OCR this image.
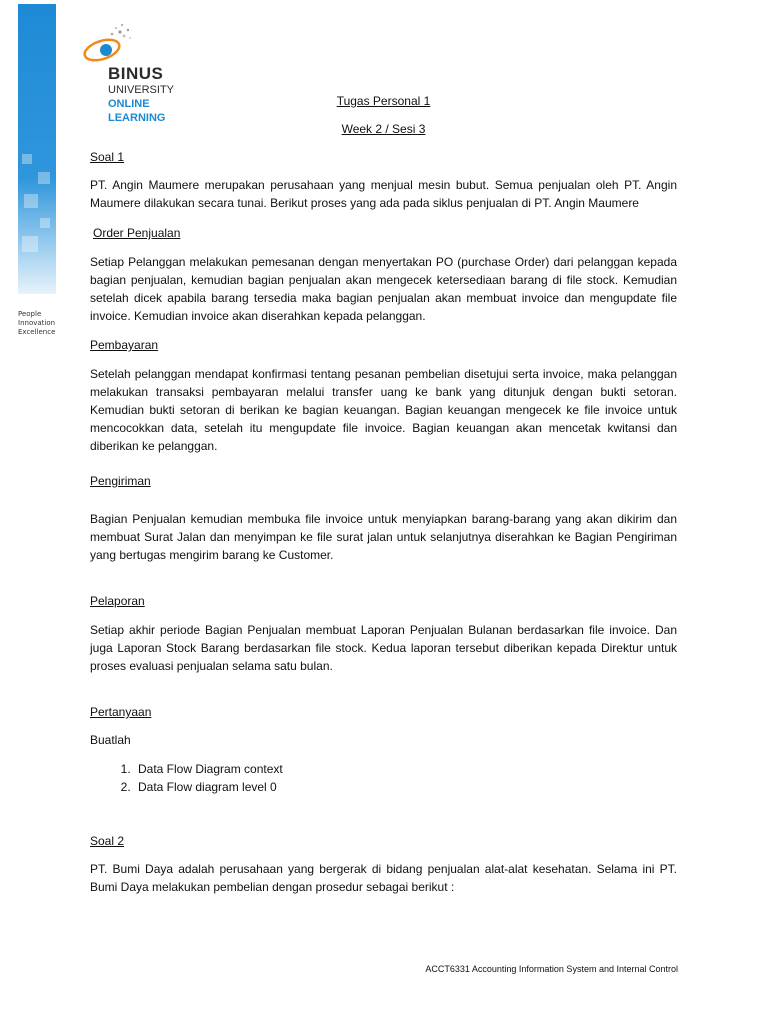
People
Innovation
Excellence
BINUS
UNIVERSITY
ONLINE
LEARNING

Tugas Personal 1

Week 2 / Sesi 3

Soal 1

PT. Angin Maumere merupakan perusahaan yang menjual mesin bubut. Semua penjualan oleh PT. Angin Maumere dilakukan secara tunai. Berikut proses yang ada pada siklus penjualan di PT. Angin Maumere

Order Penjualan

Setiap Pelanggan melakukan pemesanan dengan menyertakan PO (purchase Order) dari pelanggan kepada bagian penjualan, kemudian bagian penjualan akan mengecek ketersediaan barang di file stock. Kemudian setelah dicek apabila barang tersedia maka bagian penjualan akan membuat invoice dan mengupdate file invoice. Kemudian invoice akan diserahkan kepada pelanggan.

Pembayaran

Setelah pelanggan mendapat konfirmasi tentang pesanan pembelian disetujui serta invoice, maka pelanggan melakukan transaksi pembayaran melalui transfer uang ke bank yang ditunjuk dengan bukti setoran. Kemudian bukti setoran di berikan ke bagian keuangan. Bagian keuangan mengecek ke file invoice untuk mencocokkan data, setelah itu mengupdate file invoice. Bagian keuangan akan mencetak kwitansi dan diberikan ke pelanggan.

Pengiriman

Bagian Penjualan kemudian membuka file invoice untuk menyiapkan barang-barang yang akan dikirim dan membuat Surat Jalan dan menyimpan ke file surat jalan untuk selanjutnya diserahkan ke Bagian Pengiriman yang bertugas mengirim barang ke Customer.

Pelaporan

Setiap akhir periode Bagian Penjualan membuat Laporan Penjualan Bulanan berdasarkan file invoice. Dan juga Laporan Stock Barang berdasarkan file stock. Kedua laporan tersebut diberikan kepada Direktur untuk proses evaluasi penjualan selama satu bulan.

Pertanyaan

Buatlah

1. Data Flow Diagram context
2. Data Flow diagram level 0

Soal 2

PT. Bumi Daya adalah perusahaan yang bergerak di bidang penjualan alat-alat kesehatan. Selama ini PT. Bumi Daya melakukan pembelian dengan prosedur sebagai berikut :

ACCT6331 Accounting Information System and Internal Control
